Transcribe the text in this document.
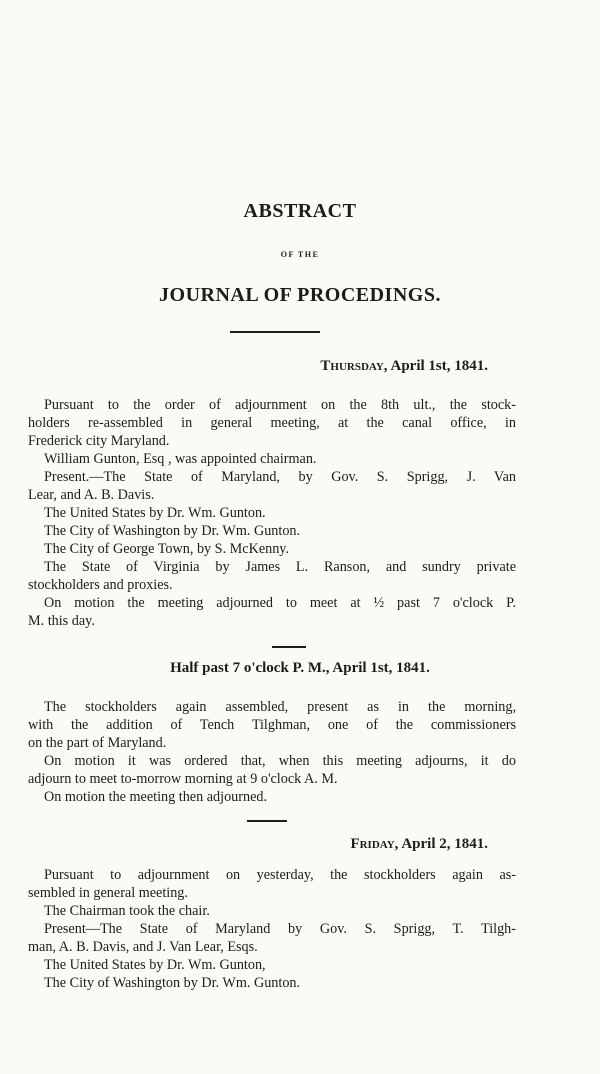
ABSTRACT
OF THE
JOURNAL OF PROCEDINGS.
Thursday, April 1st, 1841.
Pursuant to the order of adjournment on the 8th ult., the stock-
holders re-assembled in general meeting, at the canal office, in
Frederick city Maryland.
William Gunton, Esq , was appointed chairman.
Present.—The State of Maryland, by Gov. S. Sprigg, J. Van
Lear, and A. B. Davis.
The United States by Dr. Wm. Gunton.
The City of Washington by Dr. Wm. Gunton.
The City of George Town, by S. McKenny.
The State of Virginia by James L. Ranson, and sundry private
stockholders and proxies.
On motion the meeting adjourned to meet at ½ past 7 o'clock P.
M. this day.
Half past 7 o'clock P. M., April 1st, 1841.
The stockholders again assembled, present as in the morning,
with the addition of Tench Tilghman, one of the commissioners
on the part of Maryland.
On motion it was ordered that, when this meeting adjourns, it do
adjourn to meet to-morrow morning at 9 o'clock A. M.
On motion the meeting then adjourned.
Friday, April 2, 1841.
Pursuant to adjournment on yesterday, the stockholders again as-
sembled in general meeting.
The Chairman took the chair.
Present—The State of Maryland by Gov. S. Sprigg, T. Tilgh-
man, A. B. Davis, and J. Van Lear, Esqs.
The United States by Dr. Wm. Gunton,
The City of Washington by Dr. Wm. Gunton.
